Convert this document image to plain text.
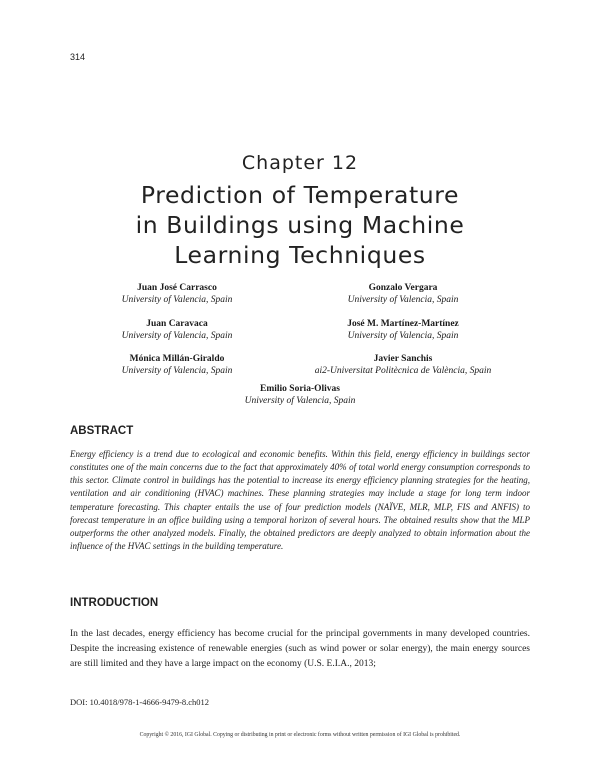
314
Chapter 12
Prediction of Temperature
in Buildings using Machine
Learning Techniques
Juan José Carrasco
University of Valencia, Spain
Gonzalo Vergara
University of Valencia, Spain
Juan Caravaca
University of Valencia, Spain
José M. Martínez-Martínez
University of Valencia, Spain
Mónica Millán-Giraldo
University of Valencia, Spain
Javier Sanchis
ai2-Universitat Politècnica de València, Spain
Emilio Soria-Olivas
University of Valencia, Spain
ABSTRACT
Energy efficiency is a trend due to ecological and economic benefits. Within this field, energy efficiency in buildings sector constitutes one of the main concerns due to the fact that approximately 40% of total world energy consumption corresponds to this sector. Climate control in buildings has the potential to increase its energy efficiency planning strategies for the heating, ventilation and air conditioning (HVAC) machines. These planning strategies may include a stage for long term indoor temperature forecasting. This chapter entails the use of four prediction models (NAÏVE, MLR, MLP, FIS and ANFIS) to forecast temperature in an office building using a temporal horizon of several hours. The obtained results show that the MLP outperforms the other analyzed models. Finally, the obtained predictors are deeply analyzed to obtain information about the influence of the HVAC settings in the building temperature.
INTRODUCTION
In the last decades, energy efficiency has become crucial for the principal governments in many developed countries. Despite the increasing existence of renewable energies (such as wind power or solar energy), the main energy sources are still limited and they have a large impact on the economy (U.S. E.I.A., 2013;
DOI: 10.4018/978-1-4666-9479-8.ch012
Copyright © 2016, IGI Global. Copying or distributing in print or electronic forms without written permission of IGI Global is prohibited.
